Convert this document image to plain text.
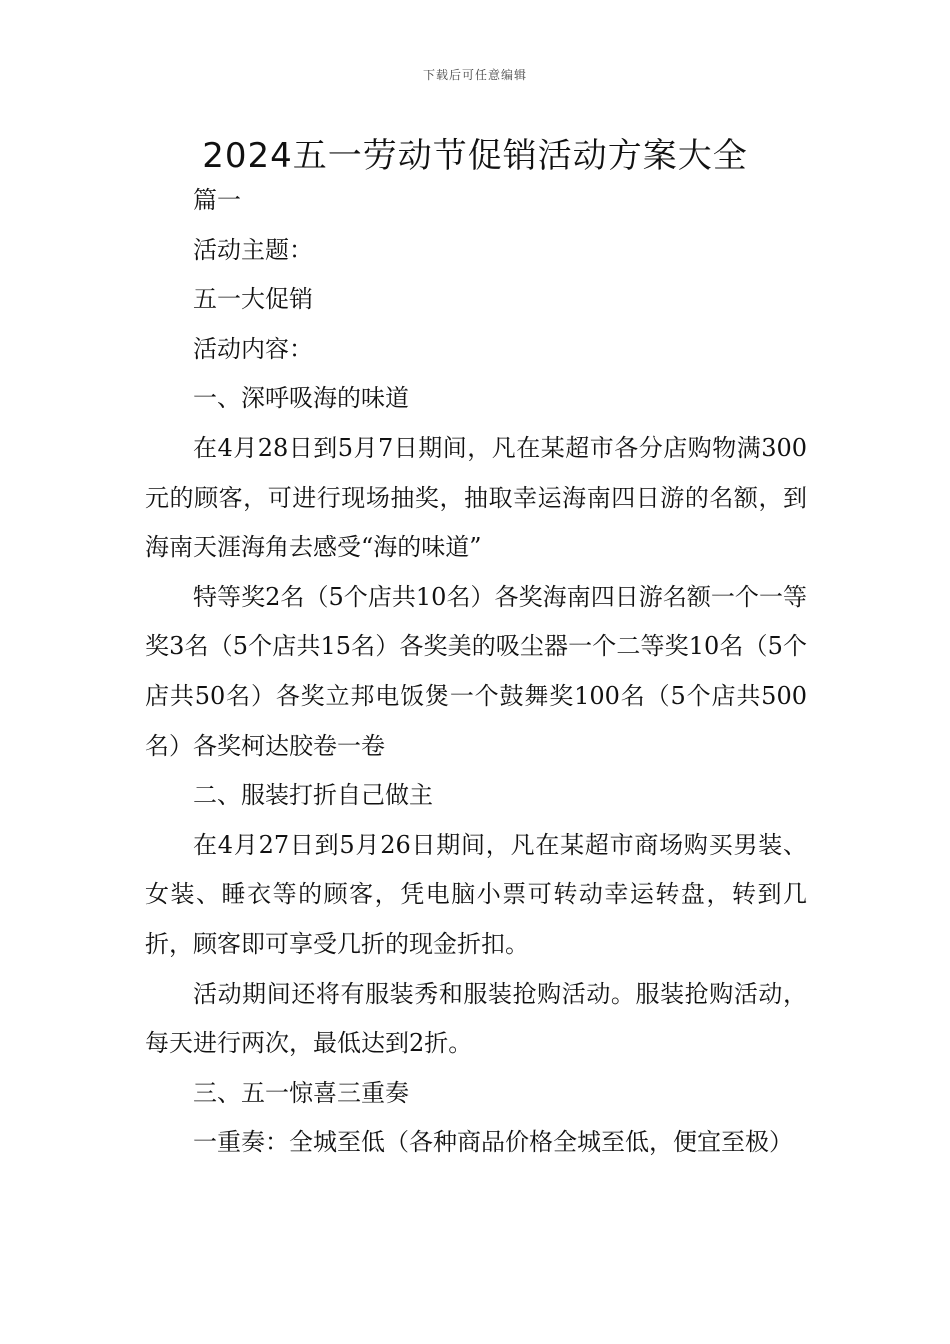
下载后可任意编辑
2024五一劳动节促销活动方案大全

篇一

活动主题：

五一大促销

活动内容：

一、深呼吸海的味道

在4月28日到5月7日期间，凡在某超市各分店购物满300元的顾客，可进行现场抽奖，抽取幸运海南四日游的名额，到海南天涯海角去感受“海的味道”

特等奖2名（5个店共10名）各奖海南四日游名额一个一等奖3名（5个店共15名）各奖美的吸尘器一个二等奖10名（5个店共50名）各奖立邦电饭煲一个鼓舞奖100名（5个店共500名）各奖柯达胶卷一卷

二、服装打折自己做主

在4月27日到5月26日期间，凡在某超市商场购买男装、女装、睡衣等的顾客，凭电脑小票可转动幸运转盘，转到几折，顾客即可享受几折的现金折扣。

活动期间还将有服装秀和服装抢购活动。服装抢购活动，每天进行两次，最低达到2折。

三、五一惊喜三重奏

一重奏：全城至低（各种商品价格全城至低，便宜至极）
